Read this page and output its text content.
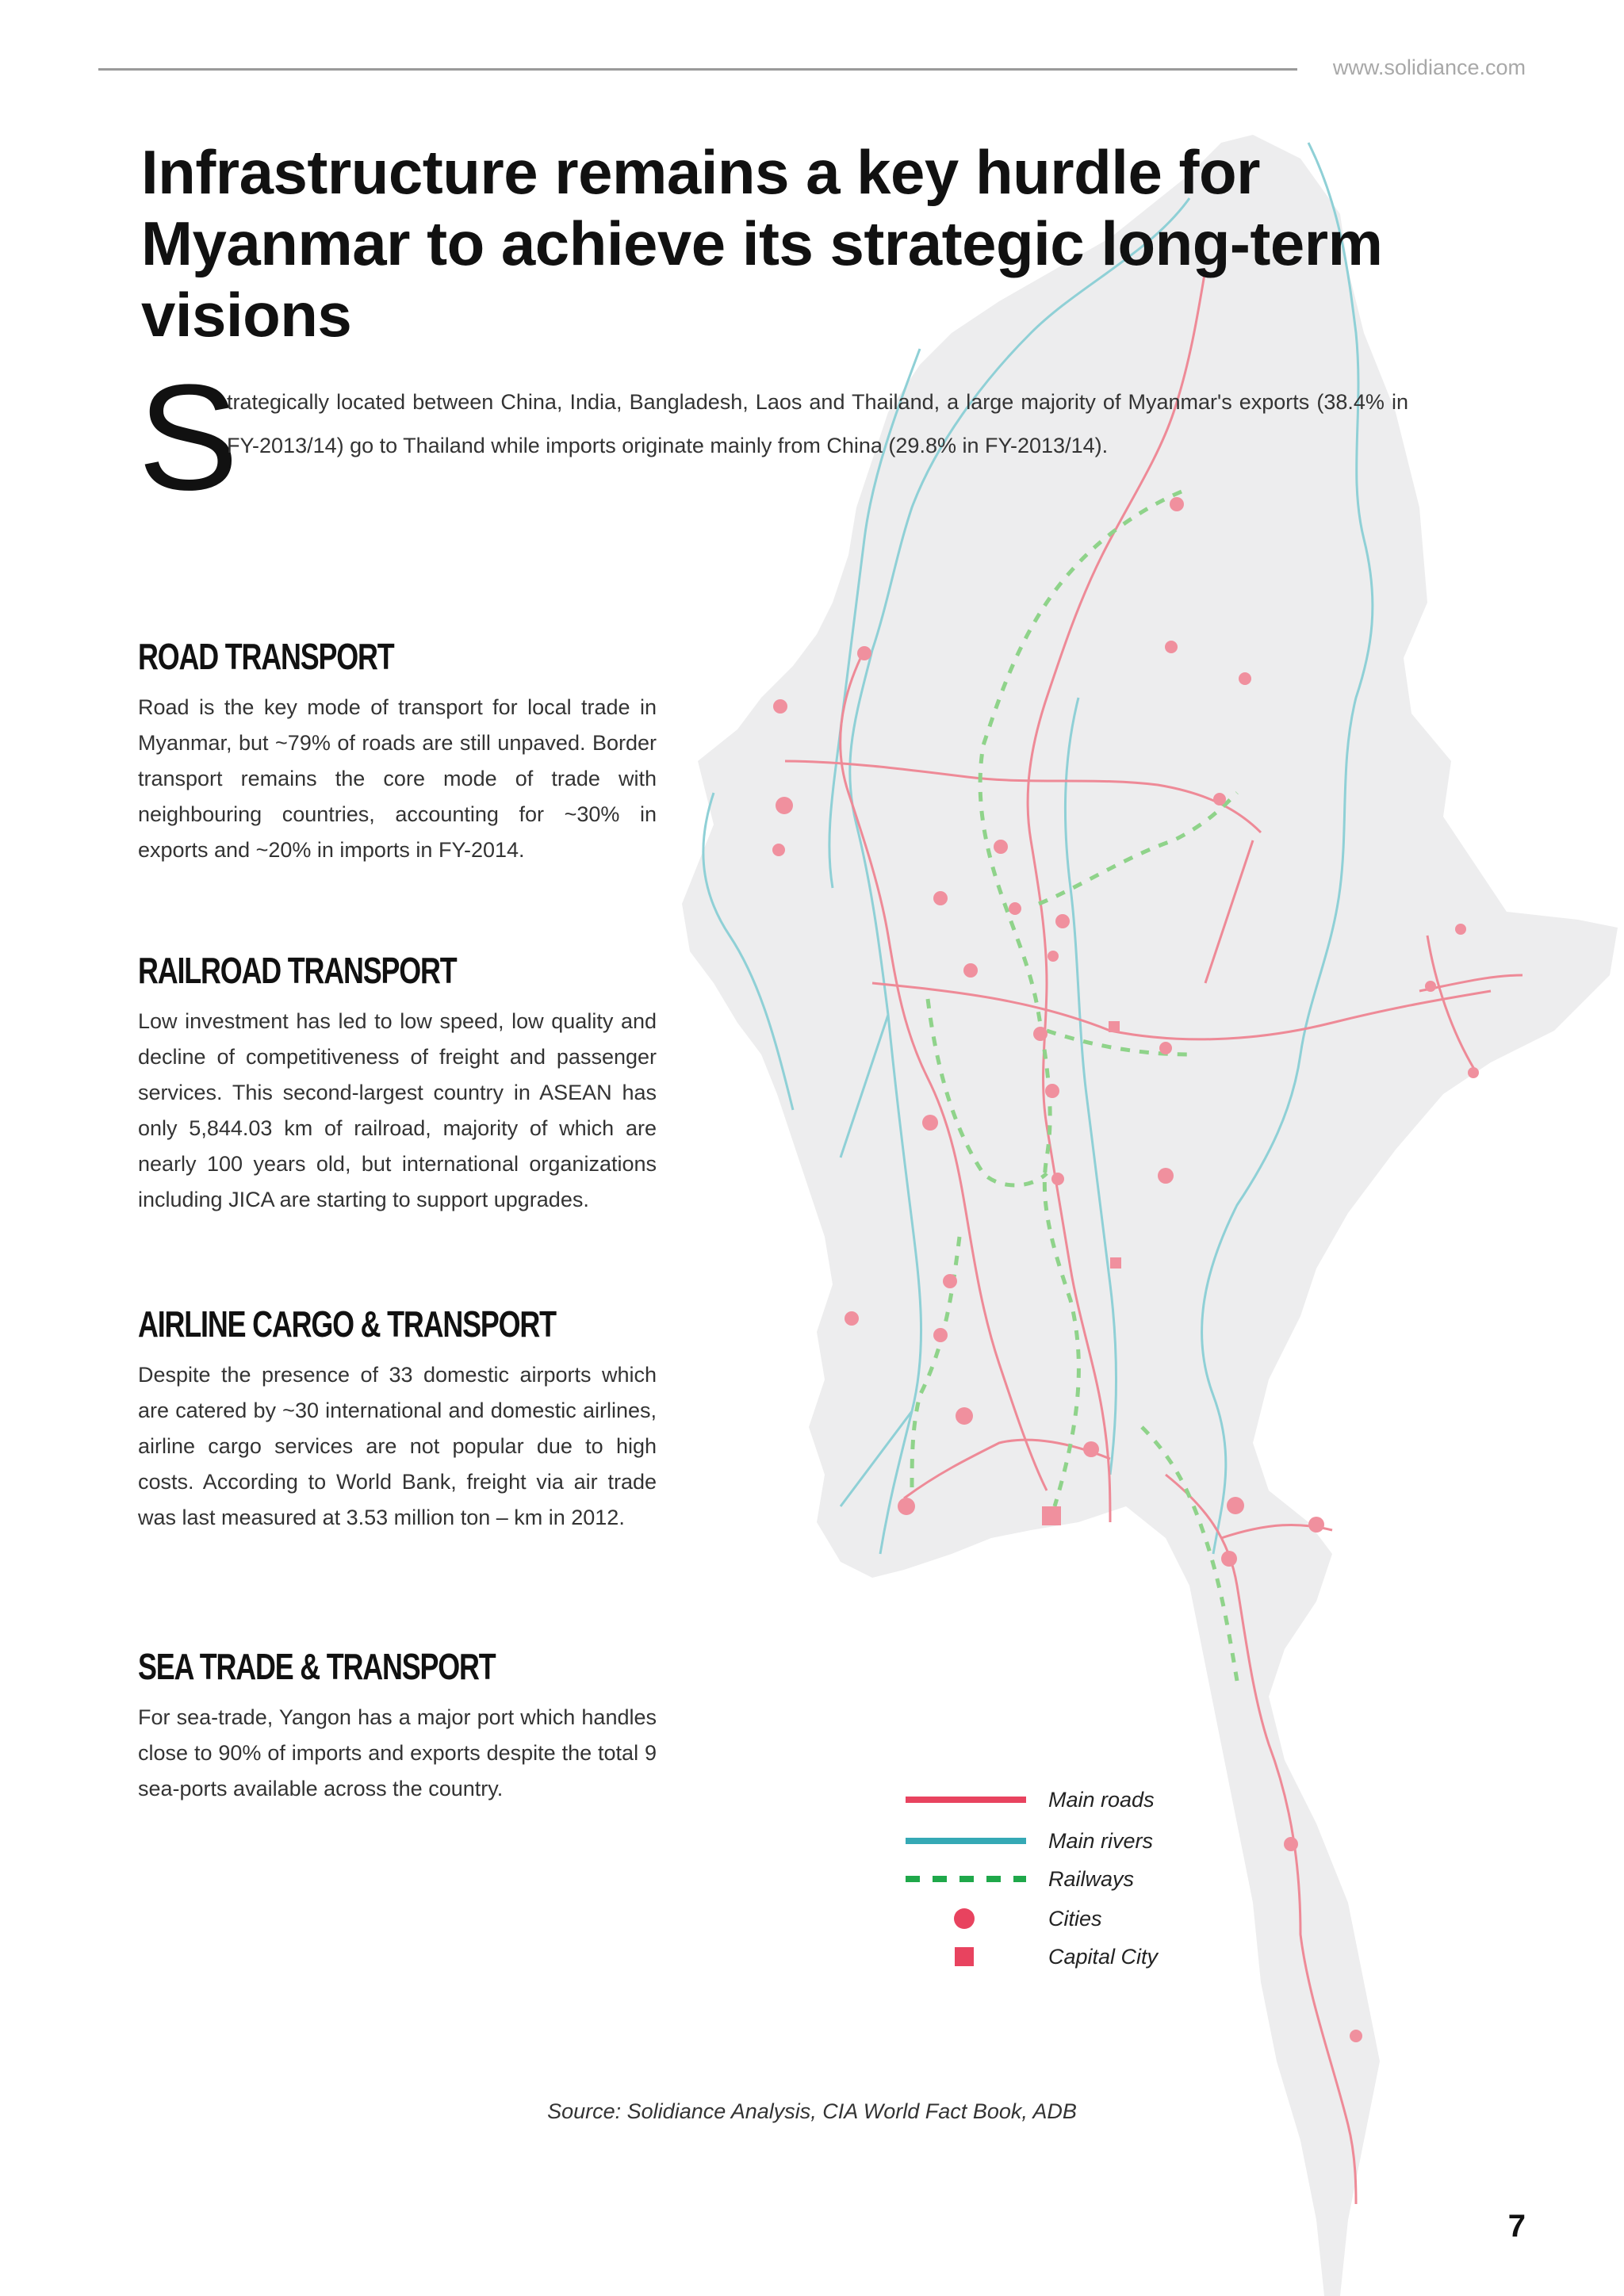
www.solidiance.com
Infrastructure remains a key hurdle for Myanmar to achieve its strategic long-term visions
S
trategically located between China, India, Bangladesh, Laos and Thailand, a large majority of Myanmar's exports (38.4% in FY-2013/14) go to Thailand while imports originate mainly from China (29.8% in FY-2013/14).
ROAD TRANSPORT

Road is the key mode of transport for local trade in Myanmar, but ~79% of roads are still unpaved. Border transport remains the core mode of trade with neighbouring countries, accounting for ~30% in exports and ~20% in imports in FY-2014.

RAILROAD TRANSPORT

Low investment has led to low speed, low quality and decline of competitiveness of freight and passenger services. This second-largest country in ASEAN has only 5,844.03 km of railroad, majority of which are nearly 100 years old, but international organizations including JICA are starting to support upgrades.

AIRLINE CARGO & TRANSPORT

Despite the presence of 33 domestic airports which are catered by ~30 international and domestic airlines, airline cargo services are not popular due to high costs. According to World Bank, freight via air trade was last measured at 3.53 million ton – km in 2012.

SEA TRADE & TRANSPORT

For sea-trade, Yangon has a major port which handles close to 90% of imports and exports despite the total 9 sea-ports available across the country.	Main roads
Main rivers
Railways
Cities
Capital City
Source: Solidiance Analysis, CIA World Fact Book, ADB
7
